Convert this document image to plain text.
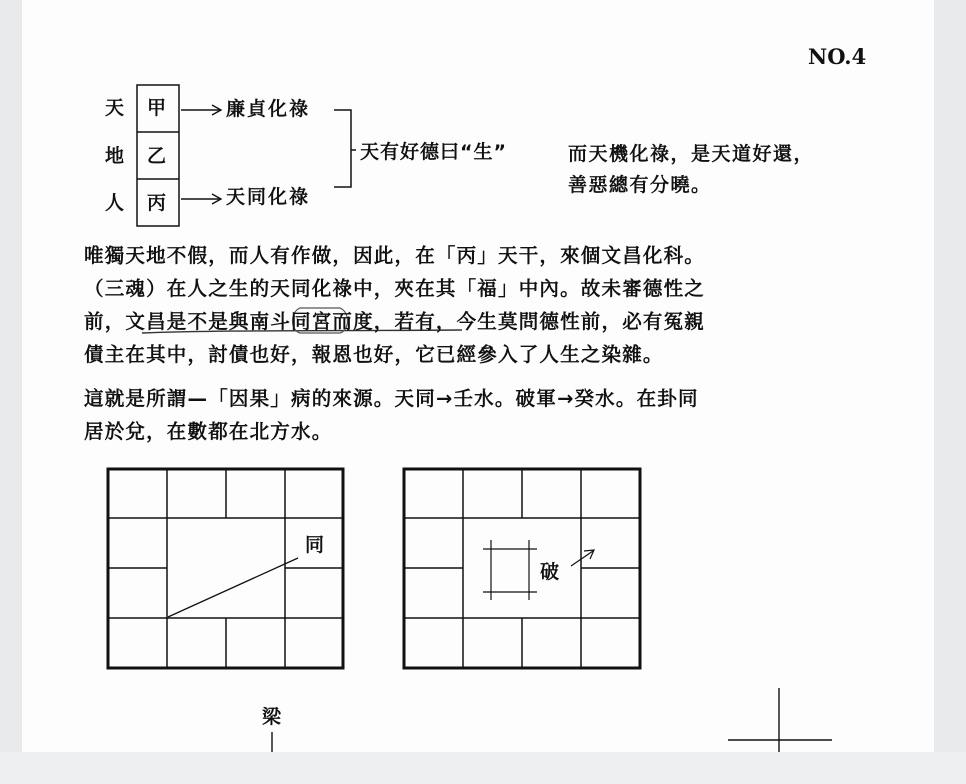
NO.4
天 甲
地 乙
人 丙
廉貞化祿
天同化祿
天有好德曰“生”	而天機化祿，是天道好還，
善惡總有分曉。
唯獨天地不假，而人有作做，因此，在「丙」天干，來個文昌化科。
（三魂）在人之生的天同化祿中，夾在其「福」中內。故未審德性之
前，文昌是不是與南斗同宮而度，若有，今生莫問德性前，必有冤親
債主在其中，討債也好，報恩也好，它已經參入了人生之染雜。
這就是所謂—「因果」病的來源。天同→壬水。破軍→癸水。在卦同
居於兌，在數都在北方水。
同
破
梁
